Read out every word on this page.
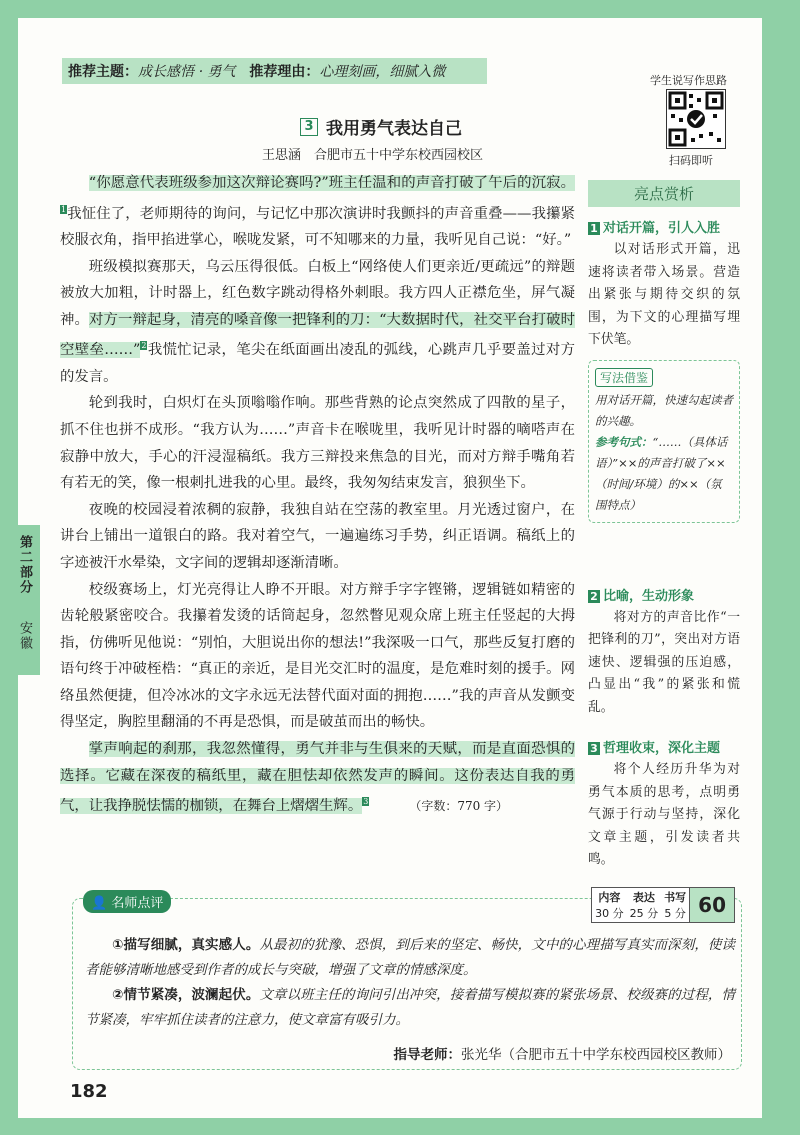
推荐主题： 成长感悟 · 勇气 推荐理由： 心理刻画，细腻入微
学生说写作思路
扫码即听
3 我用勇气表达自己
王思涵　合肥市五十中学东校西园校区

“你愿意代表班级参加这次辩论赛吗?”班主任温和的声音打破了午后的沉寂。$^1$我怔住了，老师期待的询问，与记忆中那次演讲时我颤抖的声音重叠——我攥紧校服衣角，指甲掐进掌心，喉咙发紧，可不知哪来的力量，我听见自己说：“好。”

班级模拟赛那天，乌云压得很低。白板上“网络使人们更亲近/更疏远”的辩题被放大加粗，计时器上，红色数字跳动得格外刺眼。我方四人正襟危坐，屏气凝神。对方一辩起身，清亮的嗓音像一把锋利的刀：“大数据时代，社交平台打破时空壁垒……”$^2$我慌忙记录，笔尖在纸面画出凌乱的弧线，心跳声几乎要盖过对方的发言。

轮到我时，白炽灯在头顶嗡嗡作响。那些背熟的论点突然成了四散的星子，抓不住也拼不成形。“我方认为……”声音卡在喉咙里，我听见计时器的嘀嗒声在寂静中放大，手心的汗浸湿稿纸。我方三辩投来焦急的目光，而对方辩手嘴角若有若无的笑，像一根刺扎进我的心里。最终，我匆匆结束发言，狼狈坐下。

夜晚的校园浸着浓稠的寂静，我独自站在空荡的教室里。月光透过窗户，在讲台上铺出一道银白的路。我对着空气，一遍遍练习手势，纠正语调。稿纸上的字迹被汗水晕染，文字间的逻辑却逐渐清晰。

校级赛场上，灯光亮得让人睁不开眼。对方辩手字字铿锵，逻辑链如精密的齿轮般紧密咬合。我攥着发烫的话筒起身，忽然瞥见观众席上班主任竖起的大拇指，仿佛听见他说：“别怕，大胆说出你的想法!”我深吸一口气，那些反复打磨的语句终于冲破桎梏：“真正的亲近，是目光交汇时的温度，是危难时刻的援手。网络虽然便捷，但冷冰冰的文字永远无法替代面对面的拥抱……”我的声音从发颤变得坚定，胸腔里翻涌的不再是恐惧，而是破茧而出的畅快。

掌声响起的刹那，我忽然懂得，勇气并非与生俱来的天赋，而是直面恐惧的选择。它藏在深夜的稿纸里，藏在胆怯却依然发声的瞬间。这份表达自我的勇气，让我挣脱怯懦的枷锁，在舞台上熠熠生辉。$^3$	（字数：770 字）

亮点赏析
1 对话开篇，引人入胜

以对话形式开篇，迅速将读者带入场景。营造出紧张与期待交织的氛围，为下文的心理描写埋下伏笔。

写法借鉴

用对话开篇，快速勾起读者的兴趣。
参考句式：“……（具体话语）”××的声音打破了××（时间/环境）的××（氛围特点）

2 比喻，生动形象

将对方的声音比作“一把锋利的刀”，突出对方语速快、逻辑强的压迫感，凸显出“我”的紧张和慌乱。

3 哲理收束，深化主题

将个人经历升华为对勇气本质的思考，点明勇气源于行动与坚持，深化文章主题，引发读者共鸣。

第二部分
安徽
👤 名师点评	内容
30 分
表达
25 分
书写
5 分 60

①描写细腻，真实感人。从最初的犹豫、恐惧，到后来的坚定、畅快，文中的心理描写真实而深刻，使读者能够清晰地感受到作者的成长与突破，增强了文章的情感深度。

②情节紧凑，波澜起伏。文章以班主任的询问引出冲突，接着描写模拟赛的紧张场景、校级赛的过程，情节紧凑，牢牢抓住读者的注意力，使文章富有吸引力。

指导老师：张光华（合肥市五十中学东校西园校区教师）
182
